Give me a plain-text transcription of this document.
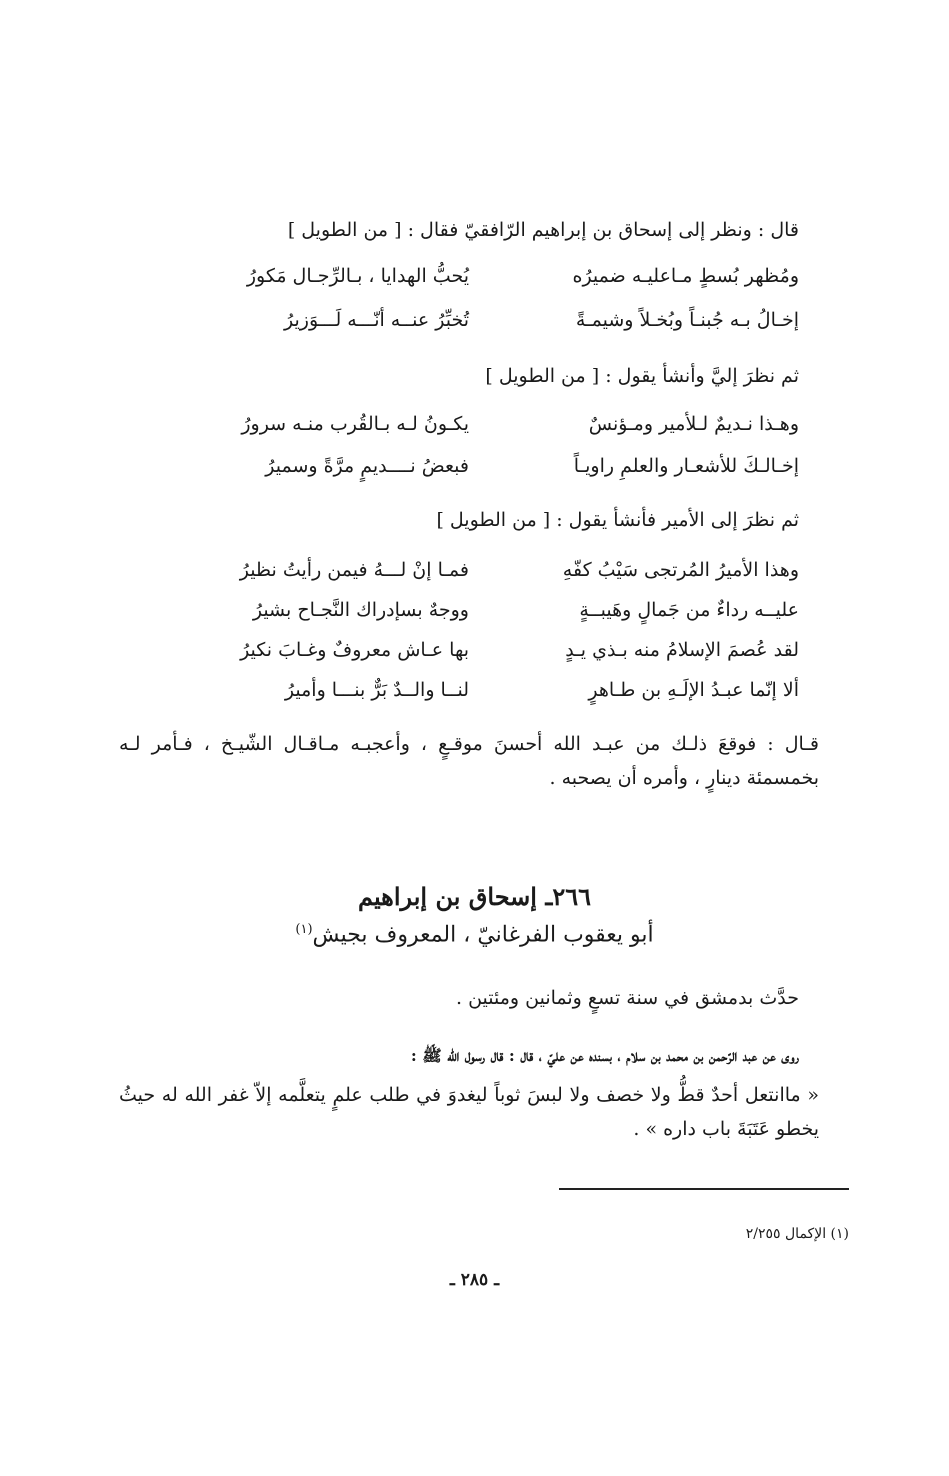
قال : ونظر إلى إسحاق بن إبراهيم الرّافقيّ فقال : [ من الطويل ]
ومُظهر بُسطٍ مـاعليـه ضميرُه
يُحبُّ الهدايا ، بـالرِّجـال مَكورُ
إخـالُ بـه جُبنـاً وبُخـلاً وشيمـةً
تُخبِّرُ عنــه أنّـــه لَـــوَزيرُ
ثم نظرَ إليَّ وأنشأ يقول : [ من الطويل ]
وهـذا نـديمٌ لـلأمير ومـؤنسٌ
يكـونُ لـه بـالقُرب منـه سرورُ
إخـالـكَ للأشعـار والعلمِ راويـاً
فبعضُ نــــديمٍ مرَّةً وسميرُ
ثم نظرَ إلى الأمير فأنشأ يقول : [ من الطويل ]
وهذا الأميرُ المُرتجى سَيْبُ كفّهِ
فمـا إنْ لـــهُ فيمن رأيتُ نظيرُ
عليــه رداءٌ من جَمالٍ وهَيبــةٍ
ووجهٌ بسإدراك النَّجـاح بشيرُ
لقد عُصمَ الإسلامُ منه بـذي يـدٍ
بها عـاش معروفٌ وغـابَ نكيرُ
ألا إنّما عبـدُ الإلَـهِ بن طـاهرٍ
لنــا والــدٌ بَرٌّ بنـــا وأميرُ
قـال : فوقعَ ذلـك من عبـد الله أحسنَ موقـعٍ ، وأعجبـه مـاقـال الشّيـخ ، فـأمر لـه بخمسمئة دينارٍ ، وأمره أن يصحبه .
٢٦٦ـ إسحاق بن إبراهيم
أبو يعقوب الفرغانيّ ، المعروف بجيش$^{(١)}$
حدَّث بدمشق في سنة تسعٍ وثمانين ومئتين .
روى عن عبد الرّحمن بن محمد بن سلام ، بسنده عن عليّ ، قال : قال رسول الله ﷺ :
« ماانتعل أحدٌ قطُّ ولا خصف ولا لبسَ ثوباً ليغدوَ في طلب علمٍ يتعلَّمه إلاّ غفر الله له حيثُ يخطو عَتَبَةَ باب داره » .
(١) الإكمال ٢/٢٥٥
ـ ٢٨٥ ـ
